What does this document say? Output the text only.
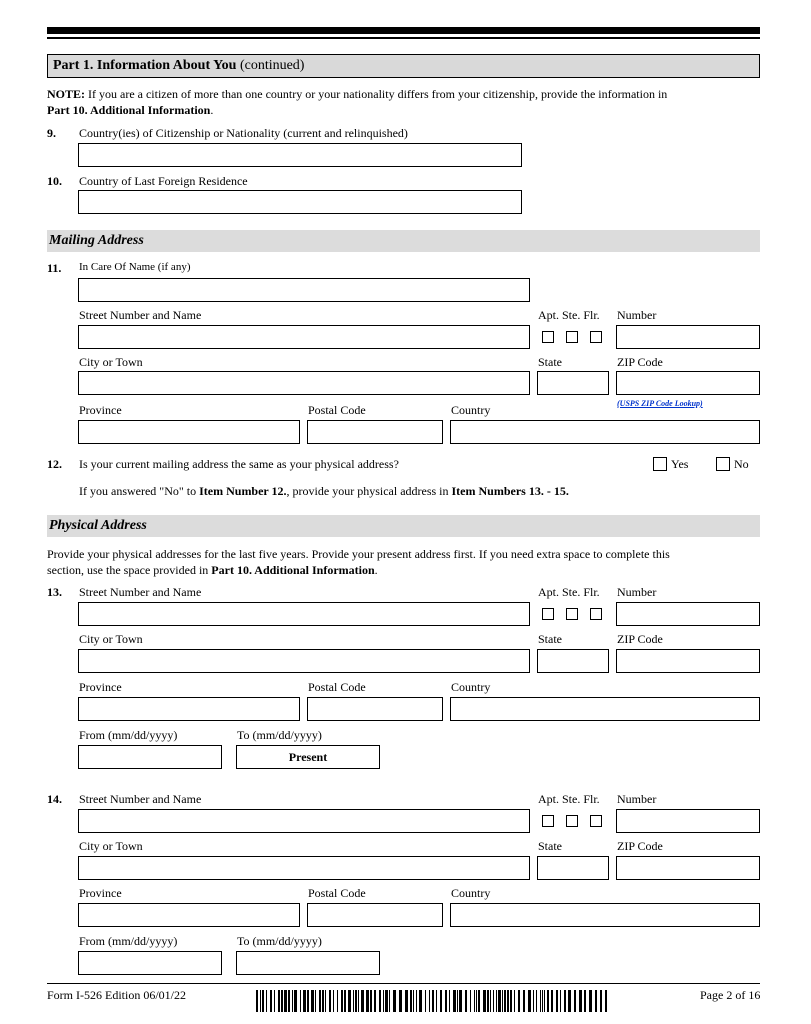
Part 1. Information About You (continued)
NOTE: If you are a citizen of more than one country or your nationality differs from your citizenship, provide the information in
Part 10. Additional Information.
9. Country(ies) of Citizenship or Nationality (current and relinquished)
10. Country of Last Foreign Residence
Mailing Address
11. In Care Of Name (if any)
Street Number and Name	Apt. Ste. Flr. Number
City or Town	State	ZIP Code
(USPS ZIP Code Lookup)
Province	Postal Code	Country
12. Is your current mailing address the same as your physical address?	Yes	No
If you answered "No" to Item Number 12., provide your physical address in Item Numbers 13. - 15.
Physical Address
Provide your physical addresses for the last five years. Provide your present address first. If you need extra space to complete this
section, use the space provided in Part 10. Additional Information.
13. Street Number and Name	Apt. Ste. Flr. Number
City or Town	State	ZIP Code
Province	Postal Code	Country
From (mm/dd/yyyy)	To (mm/dd/yyyy)
Present
14. Street Number and Name	Apt. Ste. Flr. Number
City or Town	State	ZIP Code
Province	Postal Code	Country
From (mm/dd/yyyy)	To (mm/dd/yyyy)
Form I-526 Edition 06/01/22	Page 2 of 16
